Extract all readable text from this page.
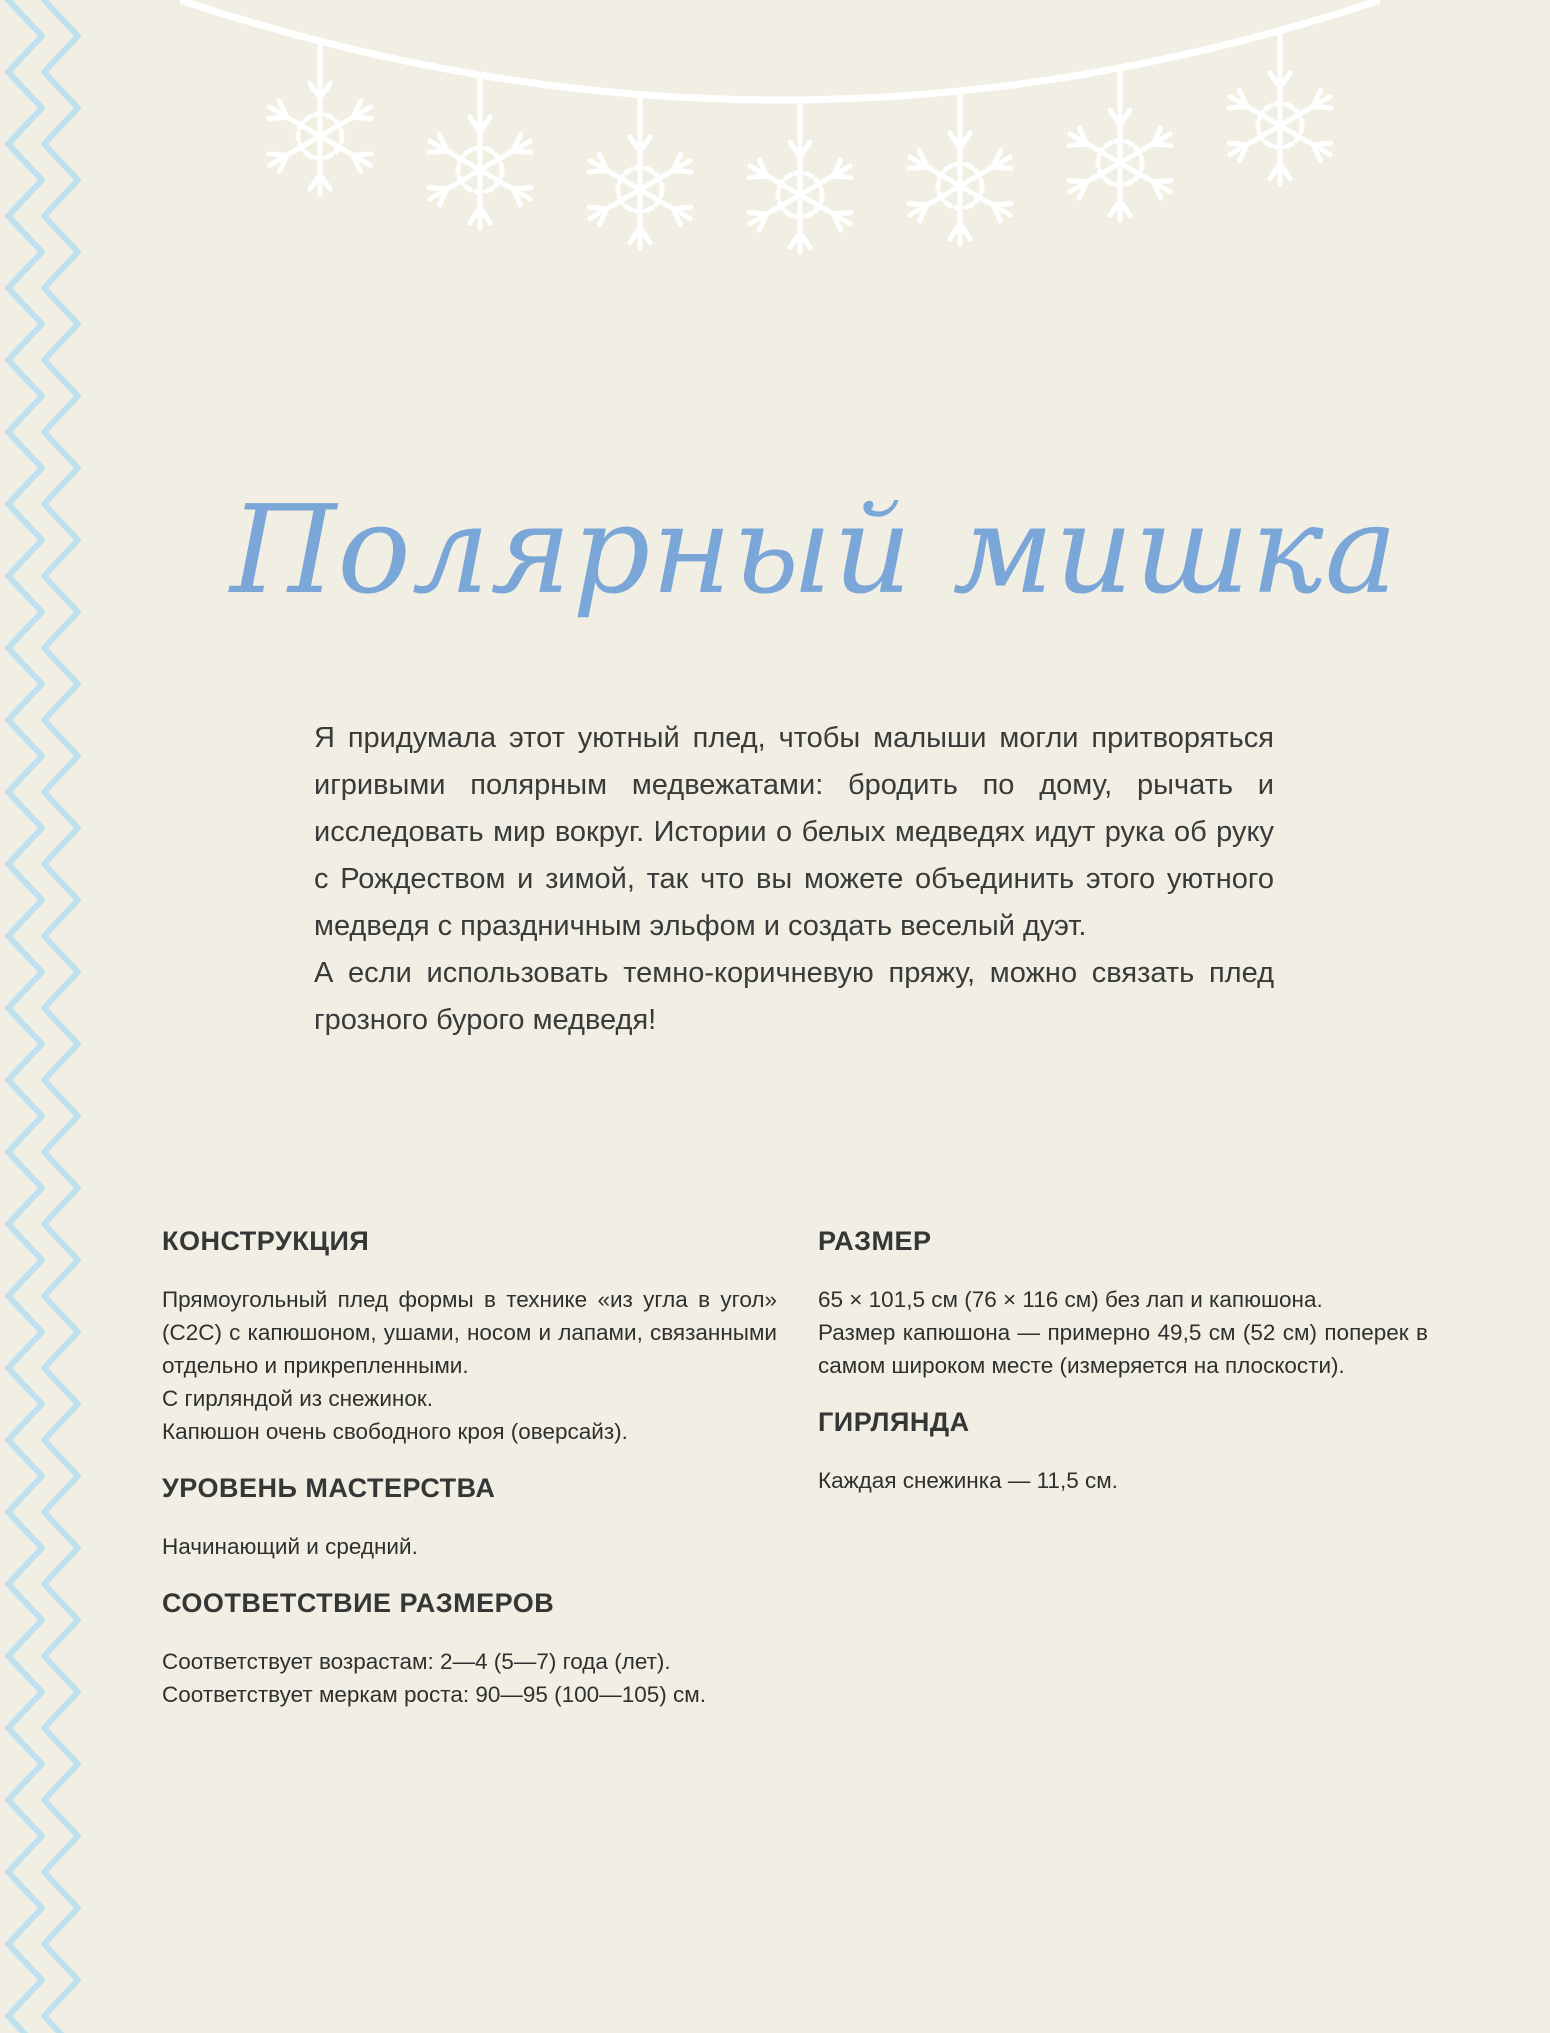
Полярный мишка

Я придумала этот уютный плед, чтобы малыши могли притворяться игривыми полярным медвежатами: бродить по дому, рычать и исследовать мир вокруг. Истории о белых медведях идут рука об руку с Рождеством и зимой, так что вы можете объединить этого уютного медведя с праздничным эльфом и создать веселый дуэт.

А если использовать темно-коричневую пряжу, можно связать плед грозного бурого медведя!

КОНСТРУКЦИЯ

Прямоугольный плед формы в технике «из угла в угол» (C2C) с капюшоном, ушами, носом и лапами, связанными отдельно и прикрепленными.

С гирляндой из снежинок.

Капюшон очень свободного кроя (оверсайз).

УРОВЕНЬ МАСТЕРСТВА

Начинающий и средний.

СООТВЕТСТВИЕ РАЗМЕРОВ

Соответствует возрастам: 2—4 (5—7) года (лет).

Соответствует меркам роста: 90—95 (100—105) см.

РАЗМЕР

65 × 101,5 см (76 × 116 см) без лап и капюшона.

Размер капюшона — примерно 49,5 см (52 см) поперек в самом широком месте (измеряется на плоскости).

ГИРЛЯНДА

Каждая снежинка — 11,5 см.
